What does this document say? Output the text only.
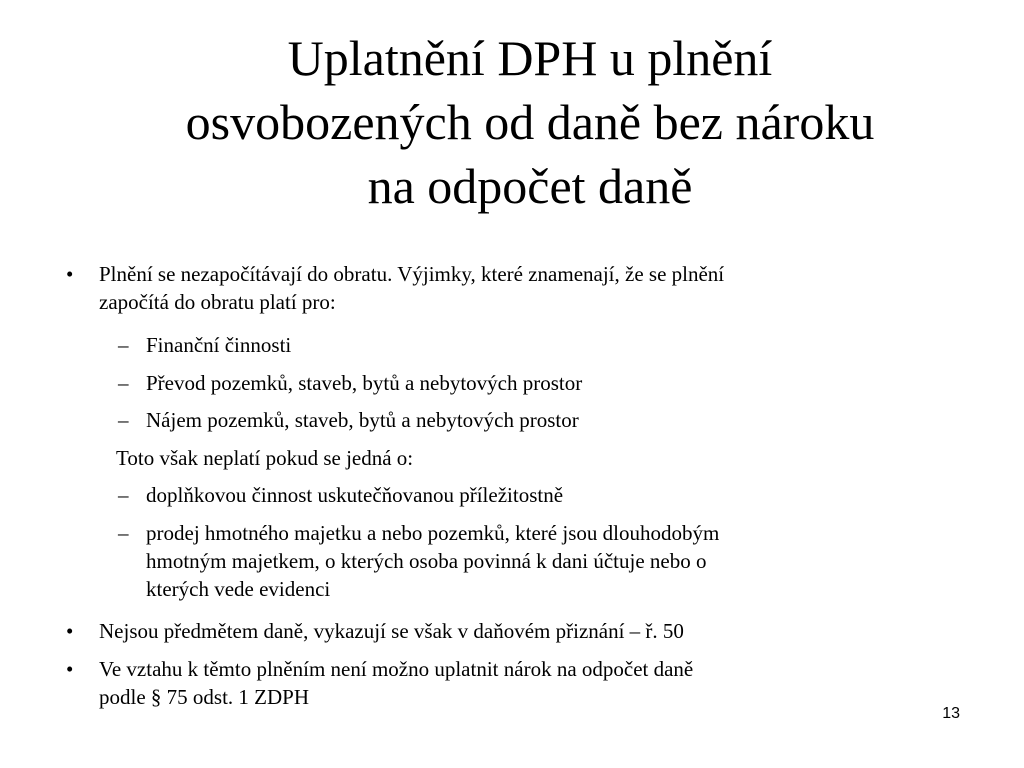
Uplatnění DPH u plnění
osvobozených od daně bez nároku
na odpočet daně
• Plnění se nezapočítávají do obratu. Výjimky, které znamenají, že se plnění
započítá do obratu platí pro:
– Finanční činnosti
– Převod pozemků, staveb, bytů a nebytových prostor
– Nájem pozemků, staveb, bytů a nebytových prostor
Toto však neplatí pokud se jedná o:
– doplňkovou činnost uskutečňovanou příležitostně
– prodej hmotného majetku a nebo pozemků, které jsou dlouhodobým
hmotným majetkem, o kterých osoba povinná k dani účtuje nebo o
kterých vede evidenci
• Nejsou předmětem daně, vykazují se však v daňovém přiznání – ř. 50
• Ve vztahu k těmto plněním není možno uplatnit nárok na odpočet daně
podle § 75 odst. 1 ZDPH
13
